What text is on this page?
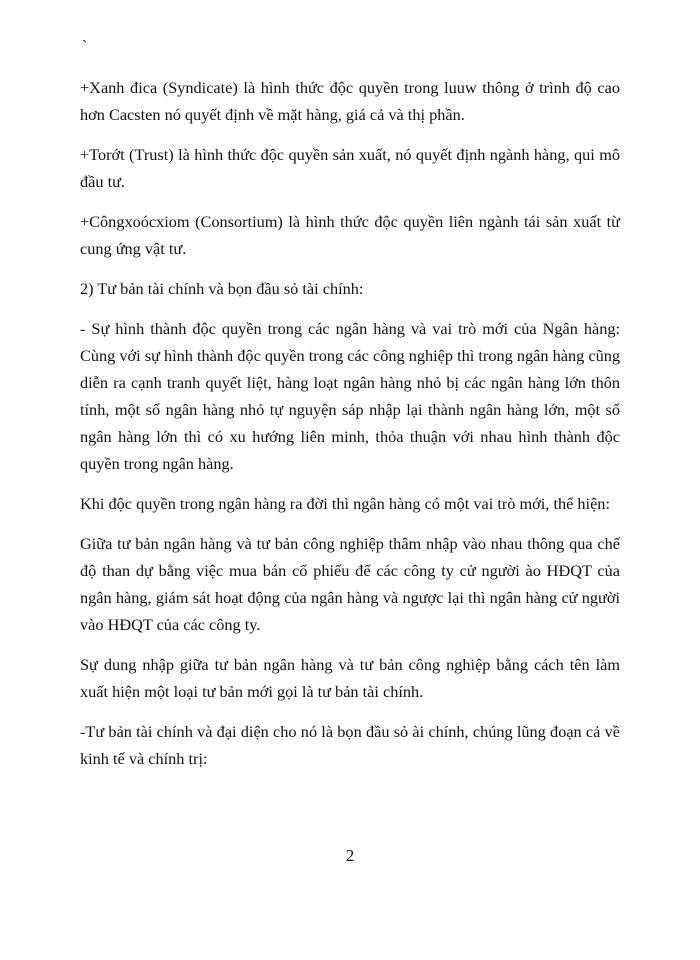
`

+Xanh đica (Syndicate) là hình thức độc quyền trong luuw thông ở trình độ cao hơn Cacsten nó quyết định về mặt hàng, giá cả và thị phần.

+Torớt (Trust) là hình thức độc quyền sản xuất, nó quyết định ngành hàng, qui mô đầu tư.

+Côngxoócxiom (Consortium) là hình thức độc quyền liên ngành tái sản xuất từ cung ứng vật tư.

2) Tư bản tài chính và bọn đầu sỏ tài chính:

- Sự hình thành độc quyền trong các ngân hàng và vai trò mới của Ngân hàng: Cùng với sự hình thành độc quyền trong các công nghiệp thì trong ngân hàng cũng diễn ra cạnh tranh quyết liệt, hàng loạt ngân hàng nhỏ bị các ngân hàng lớn thôn tính, một số ngân hàng nhỏ tự nguyện sáp nhập lại thành ngân hàng lớn, một số ngân hàng lớn thì có xu hướng liên minh, thỏa thuận với nhau hình thành độc quyền trong ngân hàng.

Khi độc quyền trong ngân hàng ra đời thì ngân hàng có một vai trò mới, thể hiện:

Giữa tư bản ngân hàng và tư bản công nghiệp thâm nhập vào nhau thông qua chế độ than dự bằng việc mua bán cổ phiếu để các công ty cử người ào HĐQT của ngân hàng, giám sát hoạt động của ngân hàng và ngược lại thì ngân hàng cử người vào HĐQT của các công ty.

Sự dung nhập giữa tư bản ngân hàng và tư bản công nghiệp bằng cách tên làm xuất hiện một loại tư bản mới gọi là tư bản tài chính.

-Tư bản tài chính và đại diện cho nó là bọn đầu sỏ ài chính, chúng lũng đoạn cả về kinh tế và chính trị:

2
